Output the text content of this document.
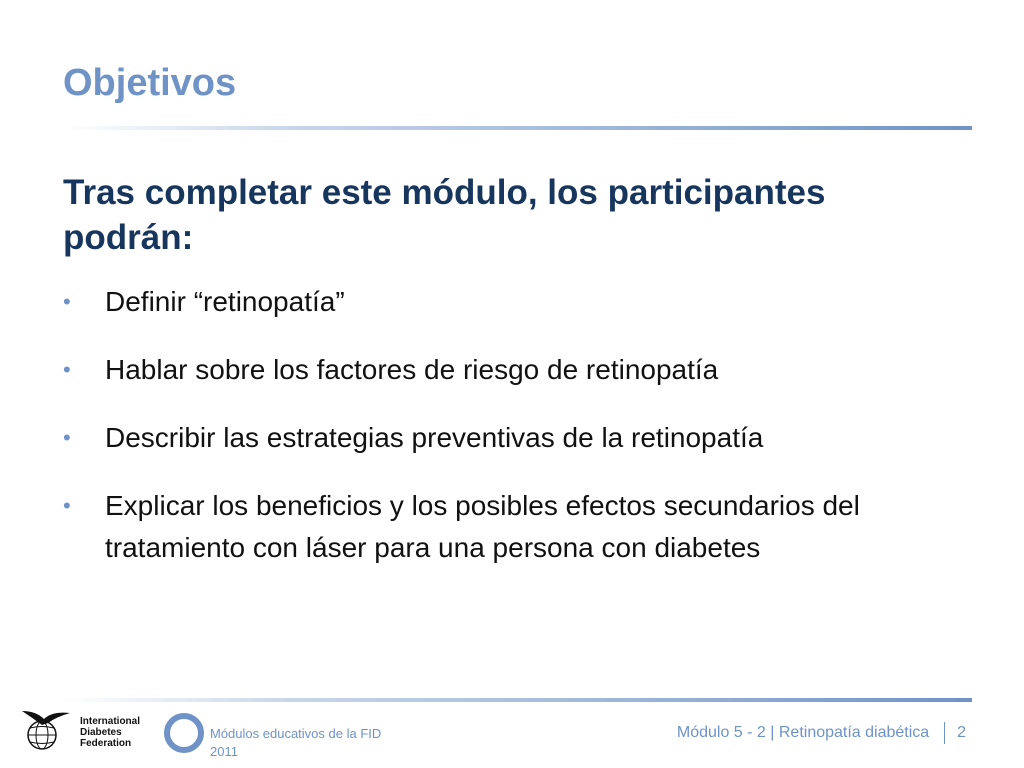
Objetivos

Tras completar este módulo, los participantes podrán:

• Definir “retinopatía”
• Hablar sobre los factores de riesgo de retinopatía
• Describir las estrategias preventivas de la retinopatía
• Explicar los beneficios y los posibles efectos secundarios del tratamiento con láser para una persona con diabetes
International
Diabetes
Federation
Módulos educativos de la FID
2011
Módulo 5 - 2 | Retinopatía diabética 2
